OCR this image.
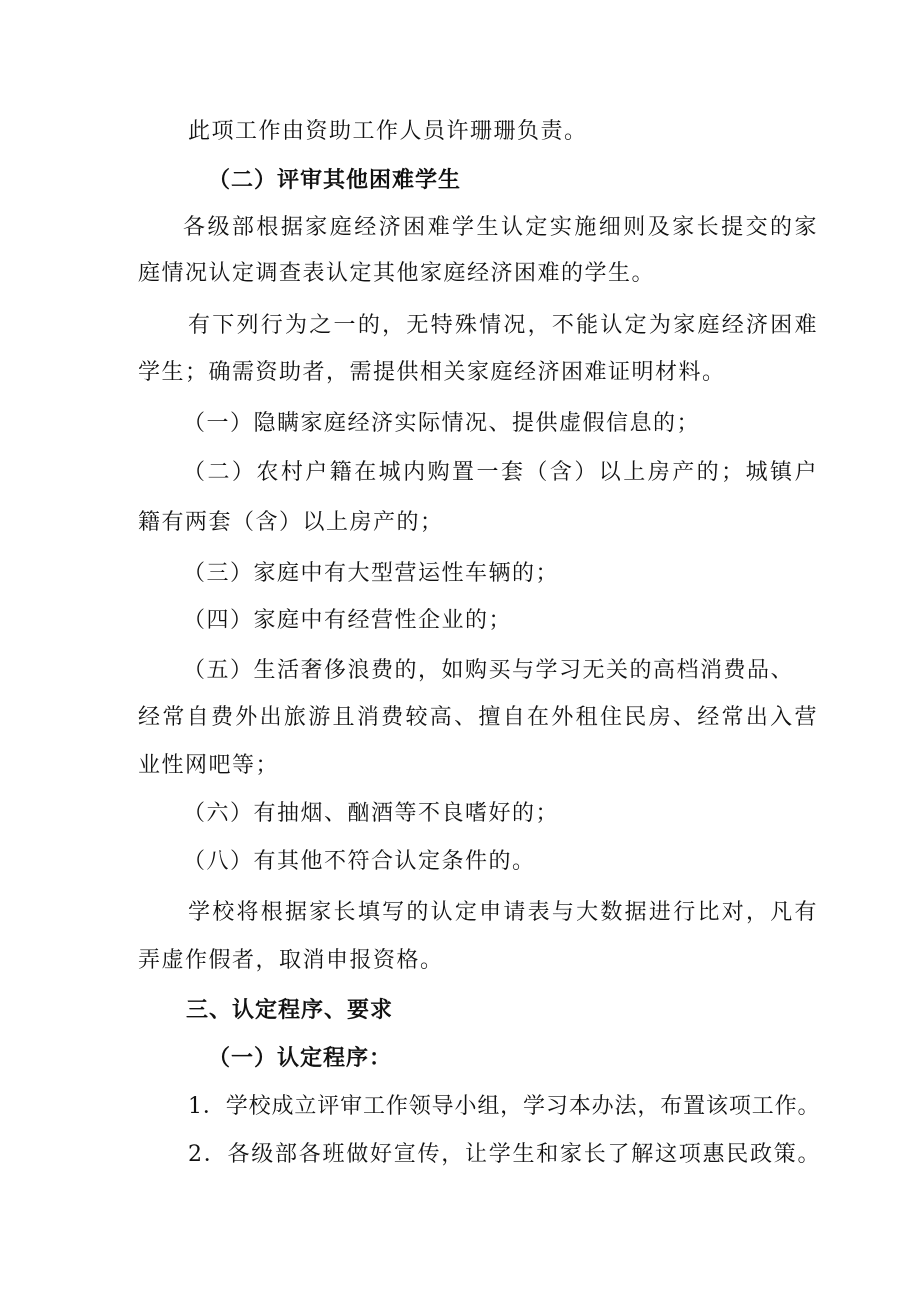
此项工作由资助工作人员许珊珊负责。
（二）评审其他困难学生
各级部根据家庭经济困难学生认定实施细则及家长提交的家
庭情况认定调查表认定其他家庭经济困难的学生。
有下列行为之一的，无特殊情况，不能认定为家庭经济困难
学生；确需资助者，需提供相关家庭经济困难证明材料。
（一）隐瞒家庭经济实际情况、提供虚假信息的；
（二）农村户籍在城内购置一套（含）以上房产的；城镇户
籍有两套（含）以上房产的；
（三）家庭中有大型营运性车辆的；
（四）家庭中有经营性企业的；
（五）生活奢侈浪费的，如购买与学习无关的高档消费品、
经常自费外出旅游且消费较高、擅自在外租住民房、经常出入营
业性网吧等；
（六）有抽烟、酗酒等不良嗜好的；
（八）有其他不符合认定条件的。
学校将根据家长填写的认定申请表与大数据进行比对，凡有
弄虚作假者，取消申报资格。
三、认定程序、要求
（一）认定程序：
1．学校成立评审工作领导小组，学习本办法，布置该项工作。
2．各级部各班做好宣传，让学生和家长了解这项惠民政策。
